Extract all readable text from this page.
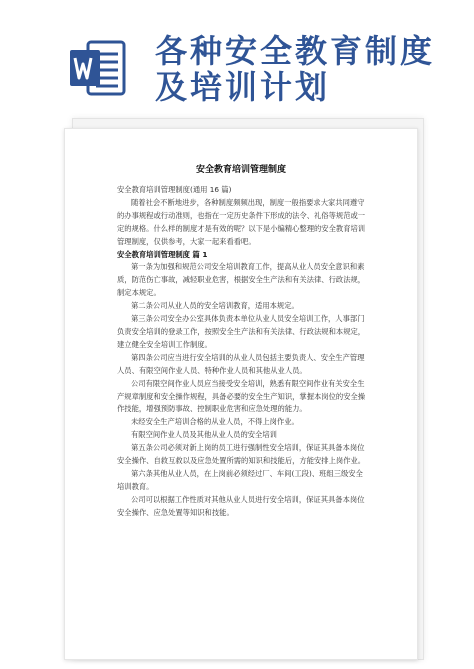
各种安全教育制度
及培训计划
安全教育培训管理制度

安全教育培训管理制度(通用 16 篇)

随着社会不断地进步，各种制度频频出现，制度一般指要求大家共同遵守的办事规程或行动准则，也指在一定历史条件下形成的法令、礼俗等规范或一定的规格。什么样的制度才是有效的呢？以下是小编精心整理的安全教育培训管理制度，仅供参考，大家一起来看看吧。

安全教育培训管理制度 篇 1

第一条为加强和规范公司安全培训教育工作，提高从业人员安全意识和素质，防范伤亡事故，减轻职业危害，根据安全生产法和有关法律、行政法规，制定本规定。

第二条公司从业人员的安全培训教育，适用本规定。

第三条公司安全办公室具体负责本单位从业人员安全培训工作，人事部门负责安全培训的登录工作，按照安全生产法和有关法律、行政法规和本规定，建立健全安全培训工作制度。

第四条公司应当进行安全培训的从业人员包括主要负责人、安全生产管理人员、有限空间作业人员、特种作业人员和其他从业人员。

公司有限空间作业人员应当接受安全培训，熟悉有限空间作业有关安全生产规章制度和安全操作规程，具备必要的安全生产知识，掌握本岗位的安全操作技能，增强预防事故、控制职业危害和应急处理的能力。

未经安全生产培训合格的从业人员，不得上岗作业。

有限空间作业人员及其他从业人员的安全培训

第五条公司必须对新上岗的员工进行强制性安全培训，保证其具备本岗位安全操作、自救互救以及应急处置所需的知识和技能后，方能安排上岗作业。

第六条其他从业人员，在上岗前必须经过厂、车间(工段)、班组三级安全培训教育。

公司可以根据工作性质对其他从业人员进行安全培训，保证其具备本岗位安全操作、应急处置等知识和技能。
